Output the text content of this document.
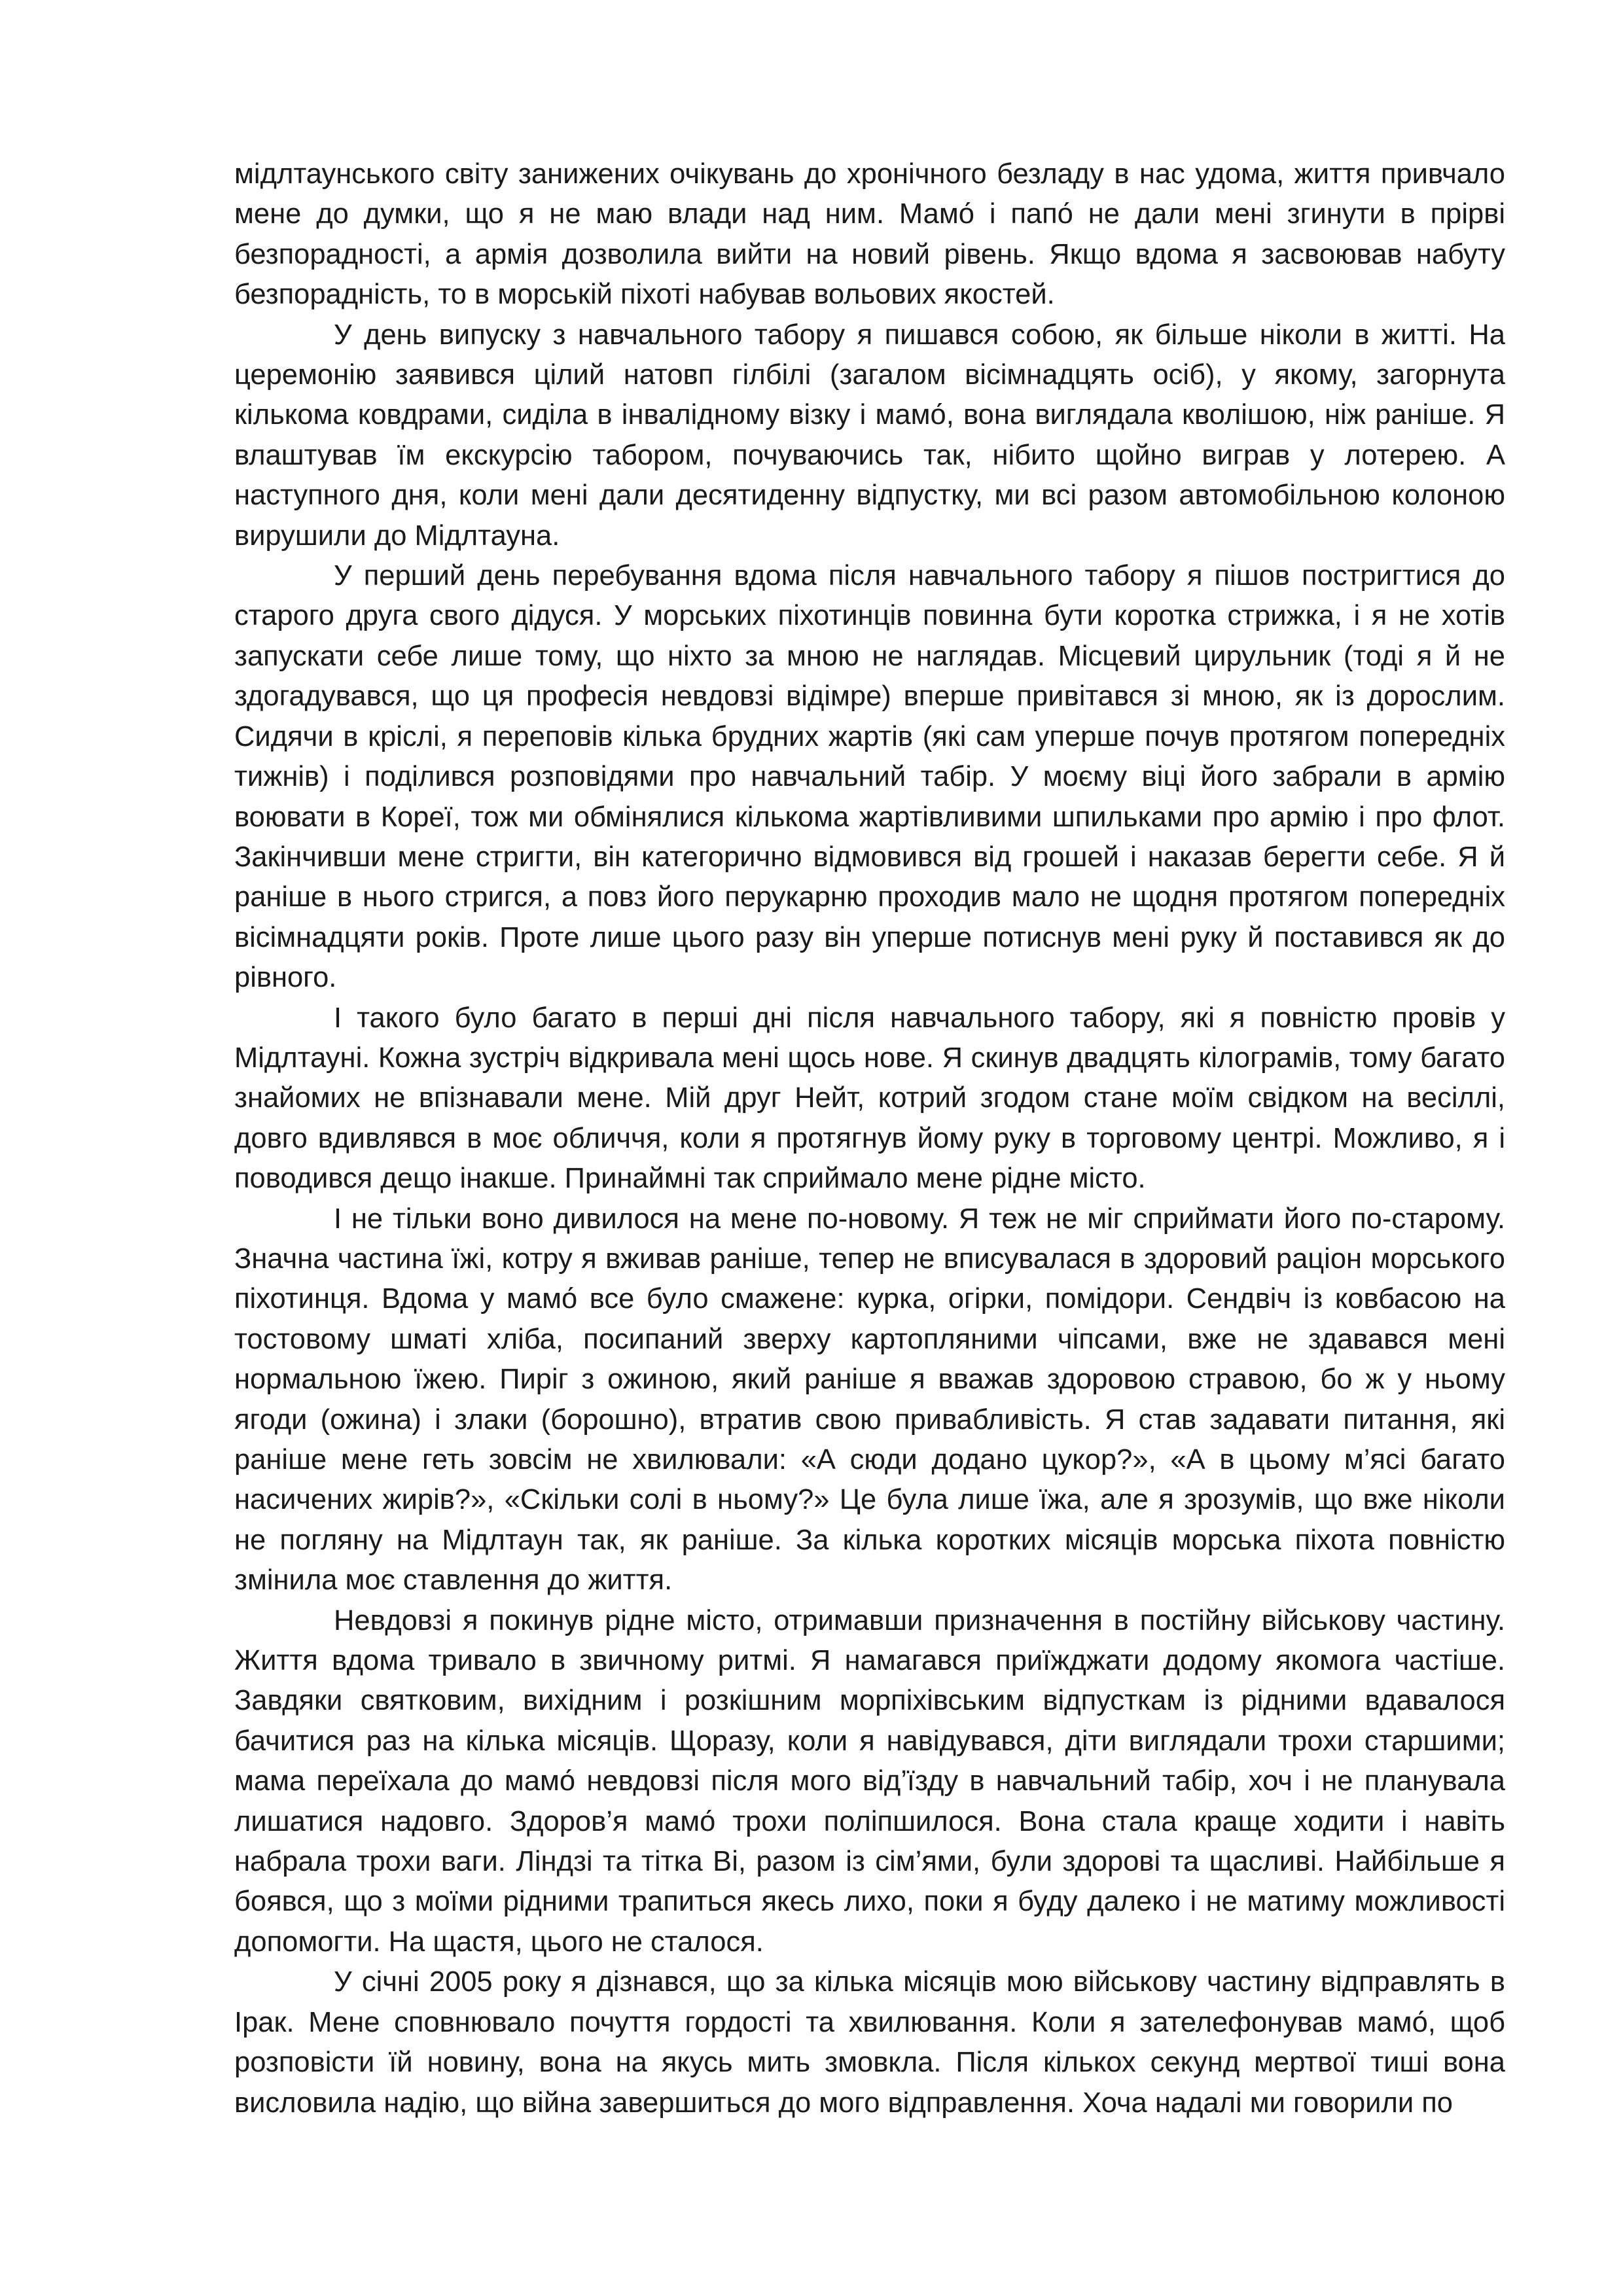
мідлтаунського світу занижених очікувань до хронічного безладу в нас удома, життя привчало мене до думки, що я не маю влади над ним. Мамо́ і папо́ не дали мені згинути в прірві безпорадності, а армія дозволила вийти на новий рівень. Якщо вдома я засвоював набуту безпорадність, то в морській піхоті набував вольових якостей.

У день випуску з навчального табору я пишався собою, як більше ніколи в житті. На церемонію заявився цілий натовп гілбілі (загалом вісімнадцять осіб), у якому, загорнута кількома ковдрами, сиділа в інвалідному візку і мамо́, вона виглядала кволішою, ніж раніше. Я влаштував їм екскурсію табором, почуваючись так, нібито щойно виграв у лотерею. А наступного дня, коли мені дали десятиденну відпустку, ми всі разом автомобільною колоною вирушили до Мідлтауна.

У перший день перебування вдома після навчального табору я пішов постригтися до старого друга свого дідуся. У морських піхотинців повинна бути коротка стрижка, і я не хотів запускати себе лише тому, що ніхто за мною не наглядав. Місцевий цирульник (тоді я й не здогадувався, що ця професія невдовзі відімре) вперше привітався зі мною, як із дорослим. Сидячи в кріслі, я переповів кілька брудних жартів (які сам уперше почув протягом попередніх тижнів) і поділився розповідями про навчальний табір. У моєму віці його забрали в армію воювати в Кореї, тож ми обмінялися кількома жартівливими шпильками про армію і про флот. Закінчивши мене стригти, він категорично відмовився від грошей і наказав берегти себе. Я й раніше в нього стригся, а повз його перукарню проходив мало не щодня протягом попередніх вісімнадцяти років. Проте лише цього разу він уперше потиснув мені руку й поставився як до рівного.

І такого було багато в перші дні після навчального табору, які я повністю провів у Мідлтауні. Кожна зустріч відкривала мені щось нове. Я скинув двадцять кілограмів, тому багато знайомих не впізнавали мене. Мій друг Нейт, котрий згодом стане моїм свідком на весіллі, довго вдивлявся в моє обличчя, коли я протягнув йому руку в торговому центрі. Можливо, я і поводився дещо інакше. Принаймні так сприймало мене рідне місто.

І не тільки воно дивилося на мене по-новому. Я теж не міг сприймати його по-старому. Значна частина їжі, котру я вживав раніше, тепер не вписувалася в здоровий раціон морського піхотинця. Вдома у мамо́ все було смажене: курка, огірки, помідори. Сендвіч із ковбасою на тостовому шматі хліба, посипаний зверху картопляними чіпсами, вже не здавався мені нормальною їжею. Пиріг з ожиною, який раніше я вважав здоровою стравою, бо ж у ньому ягоди (ожина) і злаки (борошно), втратив свою привабливість. Я став задавати питання, які раніше мене геть зовсім не хвилювали: «А сюди додано цукор?», «А в цьому м’ясі багато насичених жирів?», «Скільки солі в ньому?» Це була лише їжа, але я зрозумів, що вже ніколи не погляну на Мідлтаун так, як раніше. За кілька коротких місяців морська піхота повністю змінила моє ставлення до життя.

Невдовзі я покинув рідне місто, отримавши призначення в постійну військову частину. Життя вдома тривало в звичному ритмі. Я намагався приїжджати додому якомога частіше. Завдяки святковим, вихідним і розкішним морпіхівським відпусткам із рідними вдавалося бачитися раз на кілька місяців. Щоразу, коли я навідувався, діти виглядали трохи старшими; мама переїхала до мамо́ невдовзі після мого від’їзду в навчальний табір, хоч і не планувала лишатися надовго. Здоров’я мамо́ трохи поліпшилося. Вона стала краще ходити і навіть набрала трохи ваги. Ліндзі та тітка Ві, разом із сім’ями, були здорові та щасливі. Найбільше я боявся, що з моїми рідними трапиться якесь лихо, поки я буду далеко і не матиму можливості допомогти. На щастя, цього не сталося.

У січні 2005 року я дізнався, що за кілька місяців мою військову частину відправлять в Ірак. Мене сповнювало почуття гордості та хвилювання. Коли я зателефонував мамо́, щоб розповісти їй новину, вона на якусь мить змовкла. Після кількох секунд мертвої тиші вона висловила надію, що війна завершиться до мого відправлення. Хоча надалі ми говорили по
